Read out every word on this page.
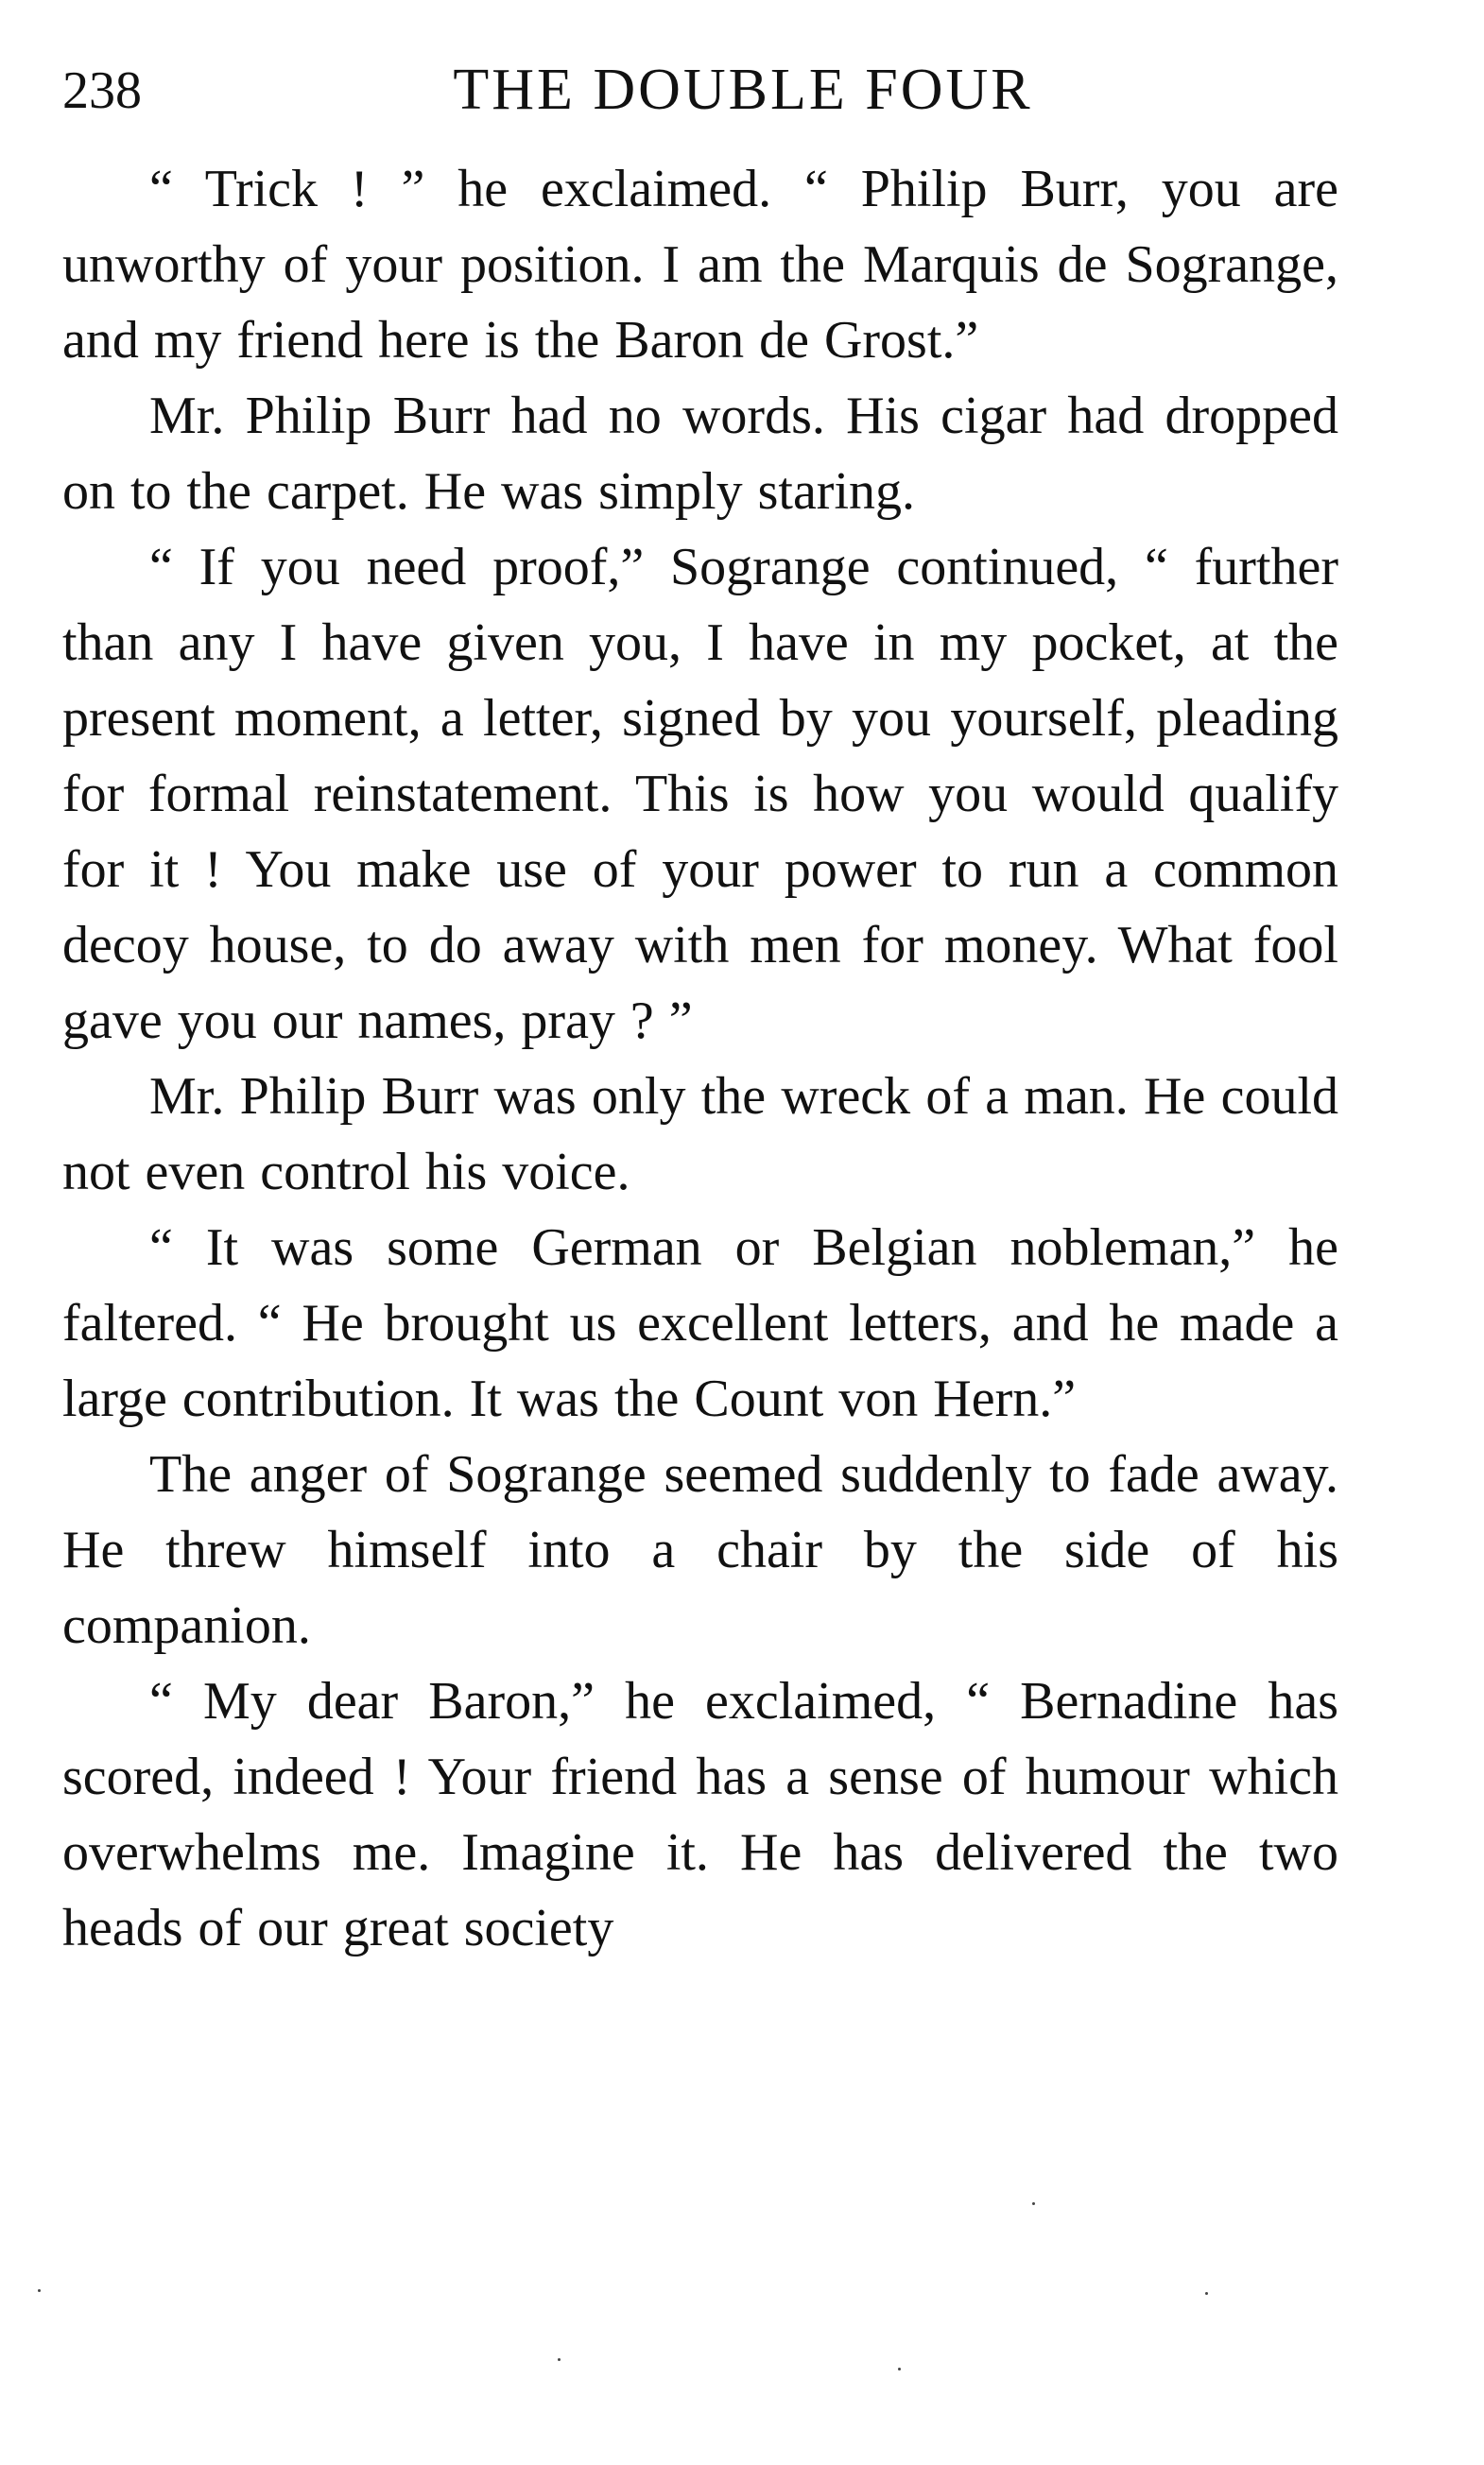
238	THE DOUBLE FOUR

“ Trick ! ” he exclaimed. “ Philip Burr, you are unworthy of your position. I am the Marquis de Sogrange, and my friend here is the Baron de Grost.”

Mr. Philip Burr had no words. His cigar had dropped on to the carpet. He was simply staring.

“ If you need proof,” Sogrange continued, “ further than any I have given you, I have in my pocket, at the present moment, a letter, signed by you yourself, pleading for formal reinstatement. This is how you would qualify for it ! You make use of your power to run a common decoy house, to do away with men for money. What fool gave you our names, pray ? ”

Mr. Philip Burr was only the wreck of a man. He could not even control his voice.

“ It was some German or Belgian nobleman,” he faltered. “ He brought us excellent letters, and he made a large contribution. It was the Count von Hern.”

The anger of Sogrange seemed suddenly to fade away. He threw himself into a chair by the side of his companion.

“ My dear Baron,” he exclaimed, “ Bernadine has scored, indeed ! Your friend has a sense of humour which overwhelms me. Imagine it. He has delivered the two heads of our great society
